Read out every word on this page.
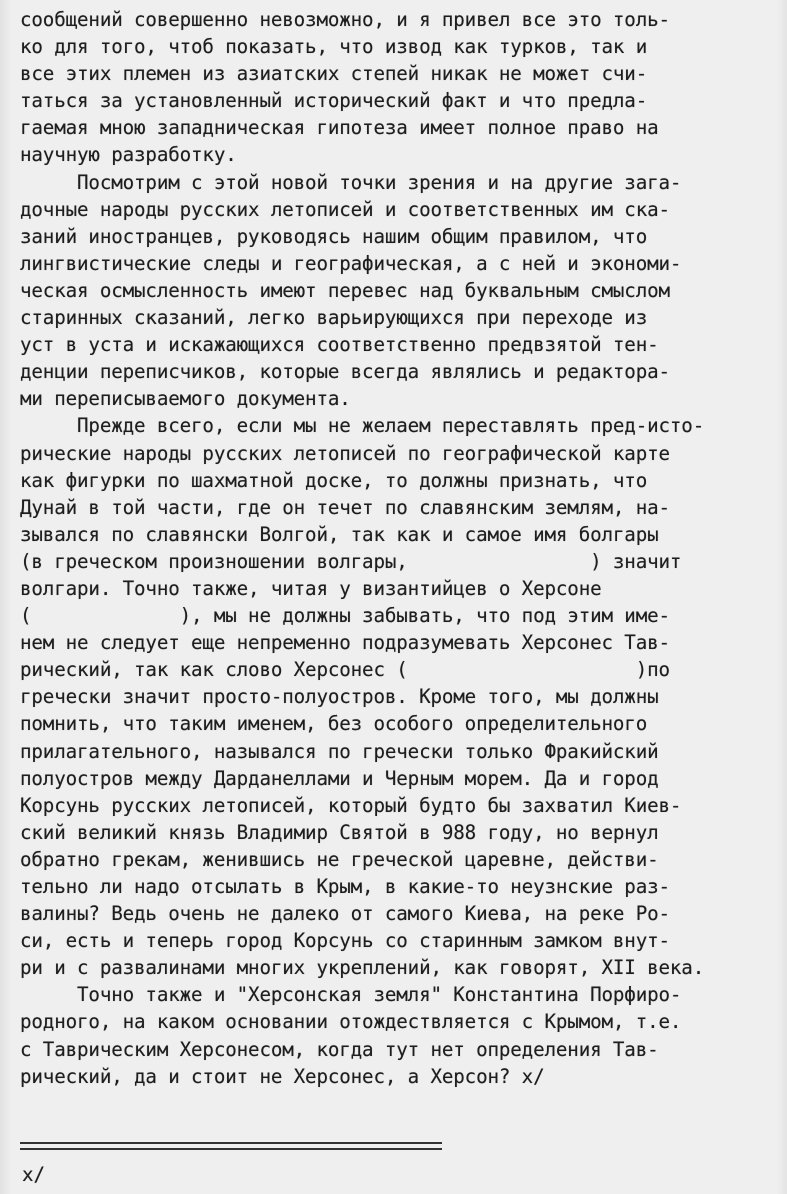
сообщений совершенно невозможно, и я привел все это толь-
ко для того, чтоб показать, что извод как турков, так и
все этих племен из азиатских степей никак не может счи-
таться за установленный исторический факт и что предла-
гаемая мною западническая гипотеза имеет полное право на
научную разработку.
Посмотрим с этой новой точки зрения и на другие зага-
дочные народы русских летописей и соответственных им ска-
заний иностранцев, руководясь нашим общим правилом, что
лингвистические следы и географическая, а с ней и экономи-
ческая осмысленность имеют перевес над буквальным смыслом
старинных сказаний, легко варьирующихся при переходе из
уст в уста и искажающихся соответственно предвзятой тен-
денции переписчиков, которые всегда являлись и редактора-
ми переписываемого документа.
Прежде всего, если мы не желаем переставлять пред-исто-
рические народы русских летописей по географической карте
как фигурки по шахматной доске, то должны признать, что
Дунай в той части, где он течет по славянским землям, на-
зывался по славянски Волгой, так как и самое имя болгары
(в греческом произношении волгары,                ) значит
волгари. Точно также, читая у византийцев о Херсоне
(             ), мы не должны забывать, что под этим име-
нем не следует еще непременно подразумевать Херсонес Тав-
рический, так как слово Херсонес (                    )по
гречески значит просто-полуостров. Кроме того, мы должны
помнить, что таким именем, без особого определительного
прилагательного, назывался по гречески только Фракийский
полуостров между Дарданеллами и Черным морем. Да и город
Корсунь русских летописей, который будто бы захватил Киев-
ский великий князь Владимир Святой в 988 году, но вернул
обратно грекам, женившись не греческой царевне, действи-
тельно ли надо отсылать в Крым, в какие-то неузнские раз-
валины? Ведь очень не далеко от самого Киева, на реке Ро-
си, есть и теперь город Корсунь со старинным замком внут-
ри и с развалинами многих укреплений, как говорят, XII века.
Точно также и "Херсонская земля" Константина Порфиро-
родного, на каком основании отождествляется с Крымом, т.е.
с Таврическим Херсонесом, когда тут нет определения Тав-
рический, да и стоит не Херсонес, а Херсон? х/
х/
